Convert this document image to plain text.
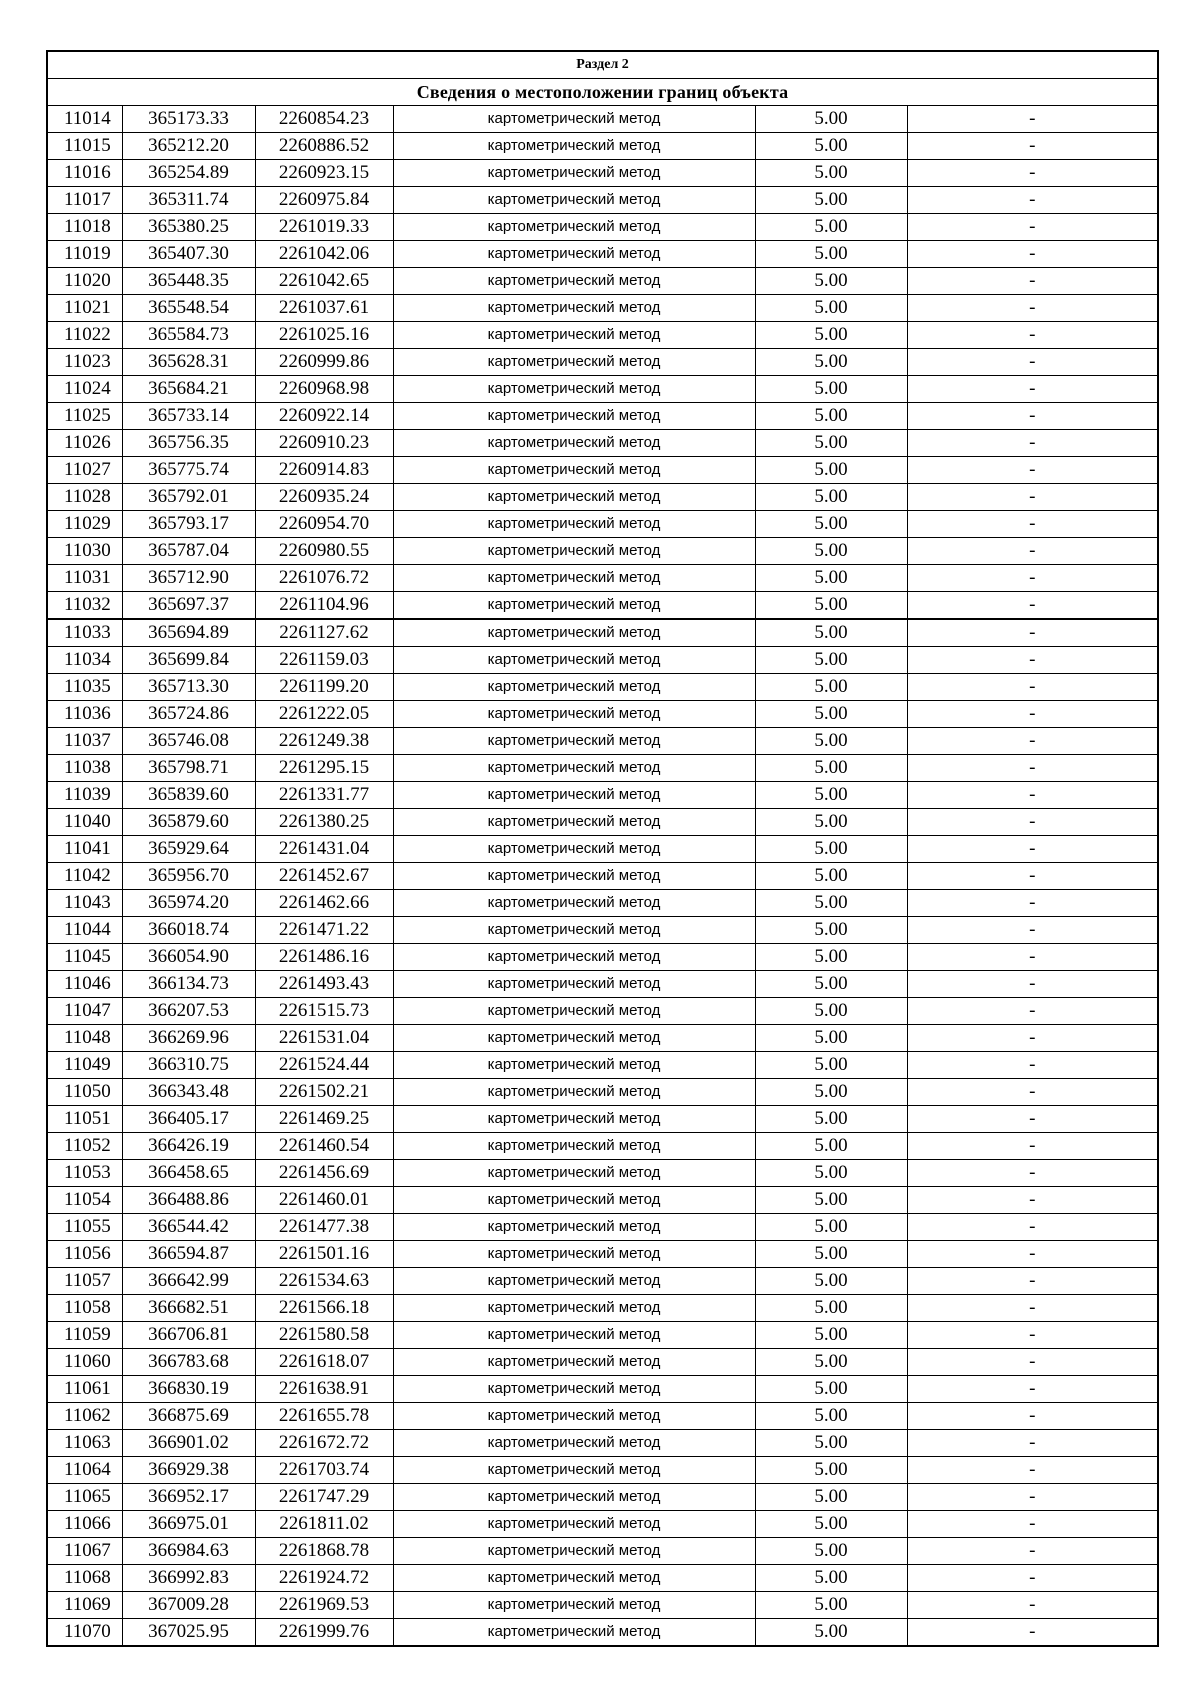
Раздел 2					
Сведения о местоположении границ объекта					
11014	365173.33	2260854.23	картометрический метод	5.00	-
11015	365212.20	2260886.52	картометрический метод	5.00	-
11016	365254.89	2260923.15	картометрический метод	5.00	-
11017	365311.74	2260975.84	картометрический метод	5.00	-
11018	365380.25	2261019.33	картометрический метод	5.00	-
11019	365407.30	2261042.06	картометрический метод	5.00	-
11020	365448.35	2261042.65	картометрический метод	5.00	-
11021	365548.54	2261037.61	картометрический метод	5.00	-
11022	365584.73	2261025.16	картометрический метод	5.00	-
11023	365628.31	2260999.86	картометрический метод	5.00	-
11024	365684.21	2260968.98	картометрический метод	5.00	-
11025	365733.14	2260922.14	картометрический метод	5.00	-
11026	365756.35	2260910.23	картометрический метод	5.00	-
11027	365775.74	2260914.83	картометрический метод	5.00	-
11028	365792.01	2260935.24	картометрический метод	5.00	-
11029	365793.17	2260954.70	картометрический метод	5.00	-
11030	365787.04	2260980.55	картометрический метод	5.00	-
11031	365712.90	2261076.72	картометрический метод	5.00	-
11032	365697.37	2261104.96	картометрический метод	5.00	-
11033	365694.89	2261127.62	картометрический метод	5.00	-
11034	365699.84	2261159.03	картометрический метод	5.00	-
11035	365713.30	2261199.20	картометрический метод	5.00	-
11036	365724.86	2261222.05	картометрический метод	5.00	-
11037	365746.08	2261249.38	картометрический метод	5.00	-
11038	365798.71	2261295.15	картометрический метод	5.00	-
11039	365839.60	2261331.77	картометрический метод	5.00	-
11040	365879.60	2261380.25	картометрический метод	5.00	-
11041	365929.64	2261431.04	картометрический метод	5.00	-
11042	365956.70	2261452.67	картометрический метод	5.00	-
11043	365974.20	2261462.66	картометрический метод	5.00	-
11044	366018.74	2261471.22	картометрический метод	5.00	-
11045	366054.90	2261486.16	картометрический метод	5.00	-
11046	366134.73	2261493.43	картометрический метод	5.00	-
11047	366207.53	2261515.73	картометрический метод	5.00	-
11048	366269.96	2261531.04	картометрический метод	5.00	-
11049	366310.75	2261524.44	картометрический метод	5.00	-
11050	366343.48	2261502.21	картометрический метод	5.00	-
11051	366405.17	2261469.25	картометрический метод	5.00	-
11052	366426.19	2261460.54	картометрический метод	5.00	-
11053	366458.65	2261456.69	картометрический метод	5.00	-
11054	366488.86	2261460.01	картометрический метод	5.00	-
11055	366544.42	2261477.38	картометрический метод	5.00	-
11056	366594.87	2261501.16	картометрический метод	5.00	-
11057	366642.99	2261534.63	картометрический метод	5.00	-
11058	366682.51	2261566.18	картометрический метод	5.00	-
11059	366706.81	2261580.58	картометрический метод	5.00	-
11060	366783.68	2261618.07	картометрический метод	5.00	-
11061	366830.19	2261638.91	картометрический метод	5.00	-
11062	366875.69	2261655.78	картометрический метод	5.00	-
11063	366901.02	2261672.72	картометрический метод	5.00	-
11064	366929.38	2261703.74	картометрический метод	5.00	-
11065	366952.17	2261747.29	картометрический метод	5.00	-
11066	366975.01	2261811.02	картометрический метод	5.00	-
11067	366984.63	2261868.78	картометрический метод	5.00	-
11068	366992.83	2261924.72	картометрический метод	5.00	-
11069	367009.28	2261969.53	картометрический метод	5.00	-
11070	367025.95	2261999.76	картометрический метод	5.00	-
